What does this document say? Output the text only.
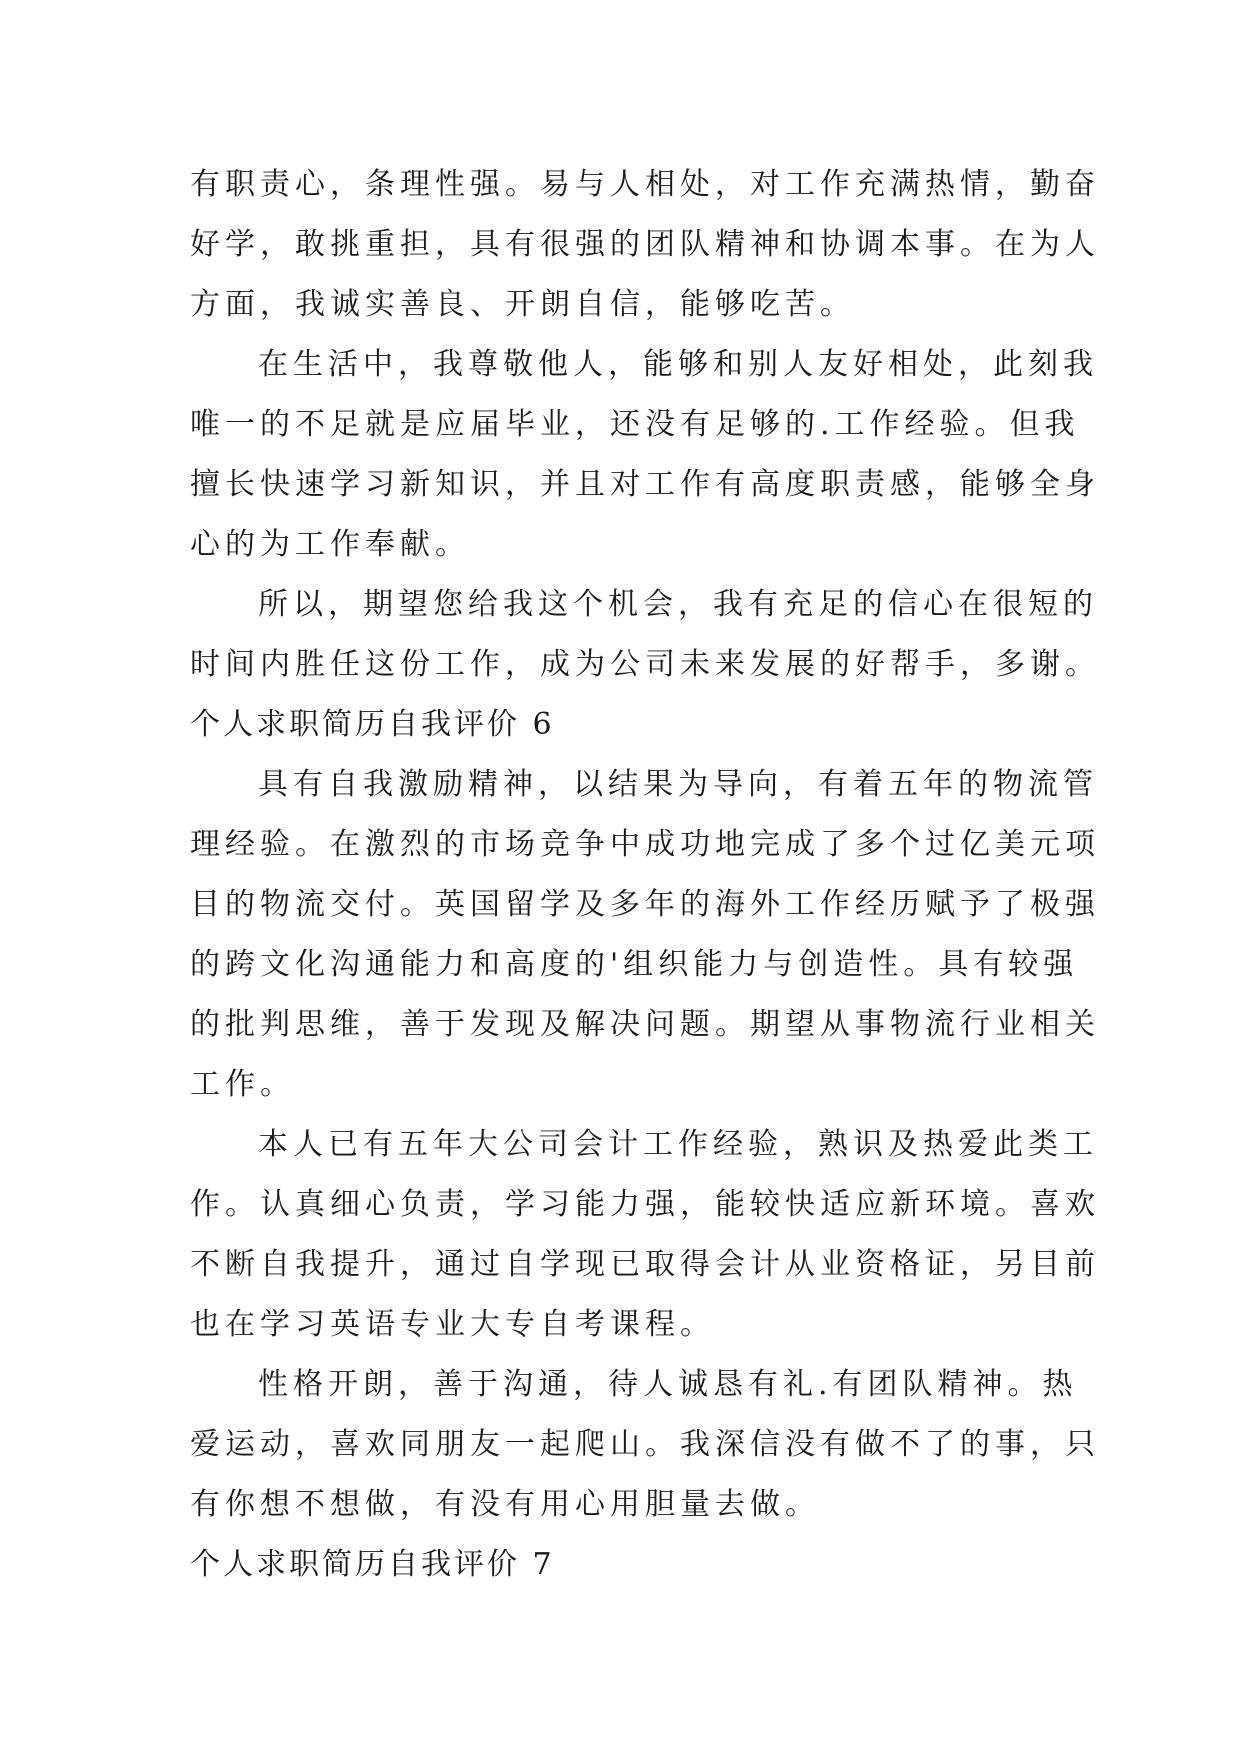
有职责心，条理性强。易与人相处，对工作充满热情，勤奋
好学，敢挑重担，具有很强的团队精神和协调本事。在为人
方面，我诚实善良、开朗自信，能够吃苦。
在生活中，我尊敬他人，能够和别人友好相处，此刻我
唯一的不足就是应届毕业，还没有足够的.工作经验。但我
擅长快速学习新知识，并且对工作有高度职责感，能够全身
心的为工作奉献。
所以，期望您给我这个机会，我有充足的信心在很短的
时间内胜任这份工作，成为公司未来发展的好帮手，多谢。
个人求职简历自我评价 6
具有自我激励精神，以结果为导向，有着五年的物流管
理经验。在激烈的市场竞争中成功地完成了多个过亿美元项
目的物流交付。英国留学及多年的海外工作经历赋予了极强
的跨文化沟通能力和高度的'组织能力与创造性。具有较强
的批判思维，善于发现及解决问题。期望从事物流行业相关
工作。
本人已有五年大公司会计工作经验，熟识及热爱此类工
作。认真细心负责，学习能力强，能较快适应新环境。喜欢
不断自我提升，通过自学现已取得会计从业资格证，另目前
也在学习英语专业大专自考课程。
性格开朗，善于沟通，待人诚恳有礼.有团队精神。热
爱运动，喜欢同朋友一起爬山。我深信没有做不了的事，只
有你想不想做，有没有用心用胆量去做。
个人求职简历自我评价 7
